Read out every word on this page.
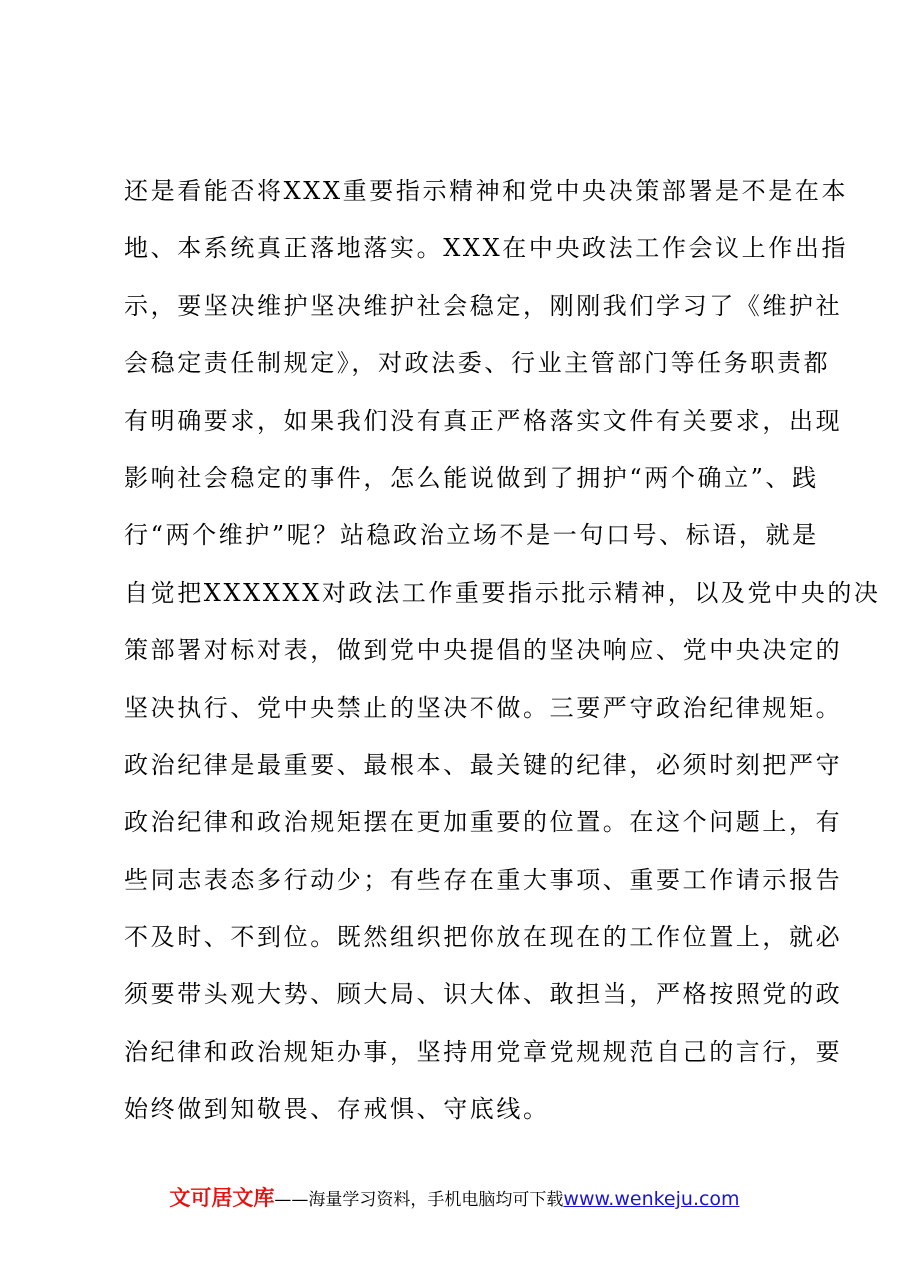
还是看能否将XXX重要指示精神和党中央决策部署是不是在本
地、本系统真正落地落实。XXX在中央政法工作会议上作出指
示，要坚决维护坚决维护社会稳定，刚刚我们学习了《维护社
会稳定责任制规定》，对政法委、行业主管部门等任务职责都
有明确要求，如果我们没有真正严格落实文件有关要求，出现
影响社会稳定的事件，怎么能说做到了拥护“两个确立”、践
行“两个维护”呢？站稳政治立场不是一句口号、标语，就是
自觉把XXXXXX对政法工作重要指示批示精神，以及党中央的决
策部署对标对表，做到党中央提倡的坚决响应、党中央决定的
坚决执行、党中央禁止的坚决不做。三要严守政治纪律规矩。
政治纪律是最重要、最根本、最关键的纪律，必须时刻把严守
政治纪律和政治规矩摆在更加重要的位置。在这个问题上，有
些同志表态多行动少；有些存在重大事项、重要工作请示报告
不及时、不到位。既然组织把你放在现在的工作位置上，就必
须要带头观大势、顾大局、识大体、敢担当，严格按照党的政
治纪律和政治规矩办事，坚持用党章党规规范自己的言行，要
始终做到知敬畏、存戒惧、守底线。
文可居文库——海量学习资料，手机电脑均可下载www.wenkeju.com
